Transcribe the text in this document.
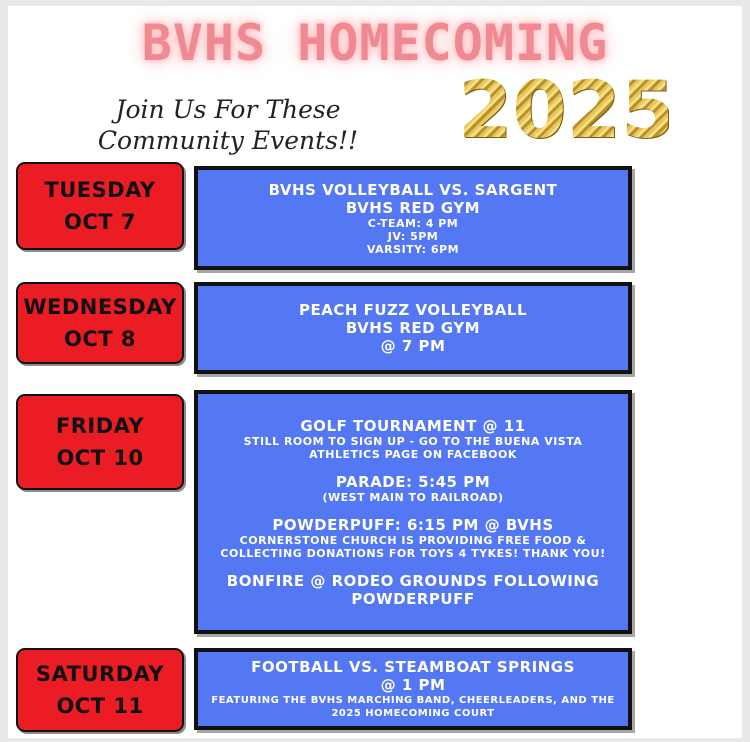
BVHS HOMECOMING
2025
Join Us For These
Community Events!!
TUESDAY
OCT 7
BVHS VOLLEYBALL VS. SARGENT
BVHS RED GYM
C-TEAM: 4 PM
JV: 5PM
VARSITY: 6PM
WEDNESDAY
OCT 8
PEACH FUZZ VOLLEYBALL
BVHS RED GYM
@ 7 PM
FRIDAY
OCT 10
GOLF TOURNAMENT @ 11
STILL ROOM TO SIGN UP - GO TO THE BUENA VISTA
ATHLETICS PAGE ON FACEBOOK
PARADE: 5:45 PM
(WEST MAIN TO RAILROAD)
POWDERPUFF: 6:15 PM @ BVHS
CORNERSTONE CHURCH IS PROVIDING FREE FOOD &
COLLECTING DONATIONS FOR TOYS 4 TYKES! THANK YOU!
BONFIRE @ RODEO GROUNDS FOLLOWING
POWDERPUFF
SATURDAY
OCT 11
FOOTBALL VS. STEAMBOAT SPRINGS
@ 1 PM
FEATURING THE BVHS MARCHING BAND, CHEERLEADERS, AND THE
2025 HOMECOMING COURT
